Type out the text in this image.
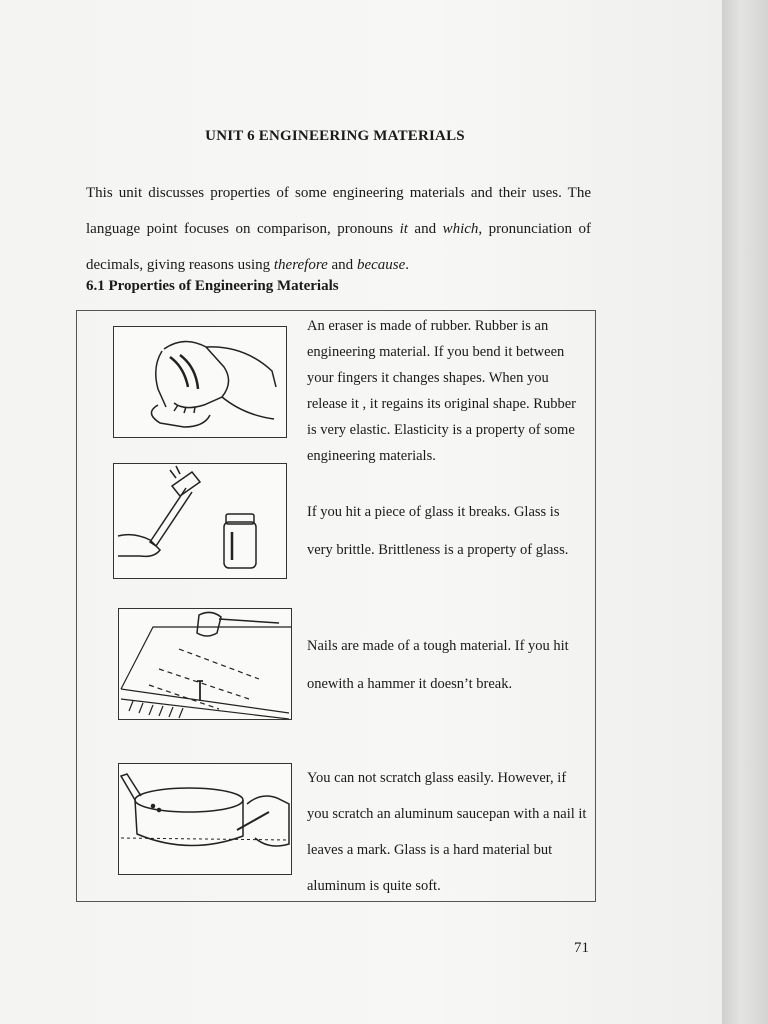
UNIT 6 ENGINEERING MATERIALS
This unit discusses properties of some engineering materials and their uses. The language point focuses on comparison, pronouns it and which, pronunciation of decimals, giving reasons using therefore and because.
6.1 Properties of Engineering Materials
An eraser is made of rubber. Rubber is an engineering material. If you bend it between your fingers it changes shapes. When you release it , it regains its original shape. Rubber is very elastic. Elasticity is a property of some engineering materials.
If you hit a piece of glass it breaks. Glass is very brittle. Brittleness is a property of glass.
Nails are made of a tough material. If you hit onewith a hammer it doesn’t break.
You can not scratch glass easily. However, if you scratch an aluminum saucepan with a nail it leaves a mark. Glass is a hard material but aluminum is quite soft.
71
